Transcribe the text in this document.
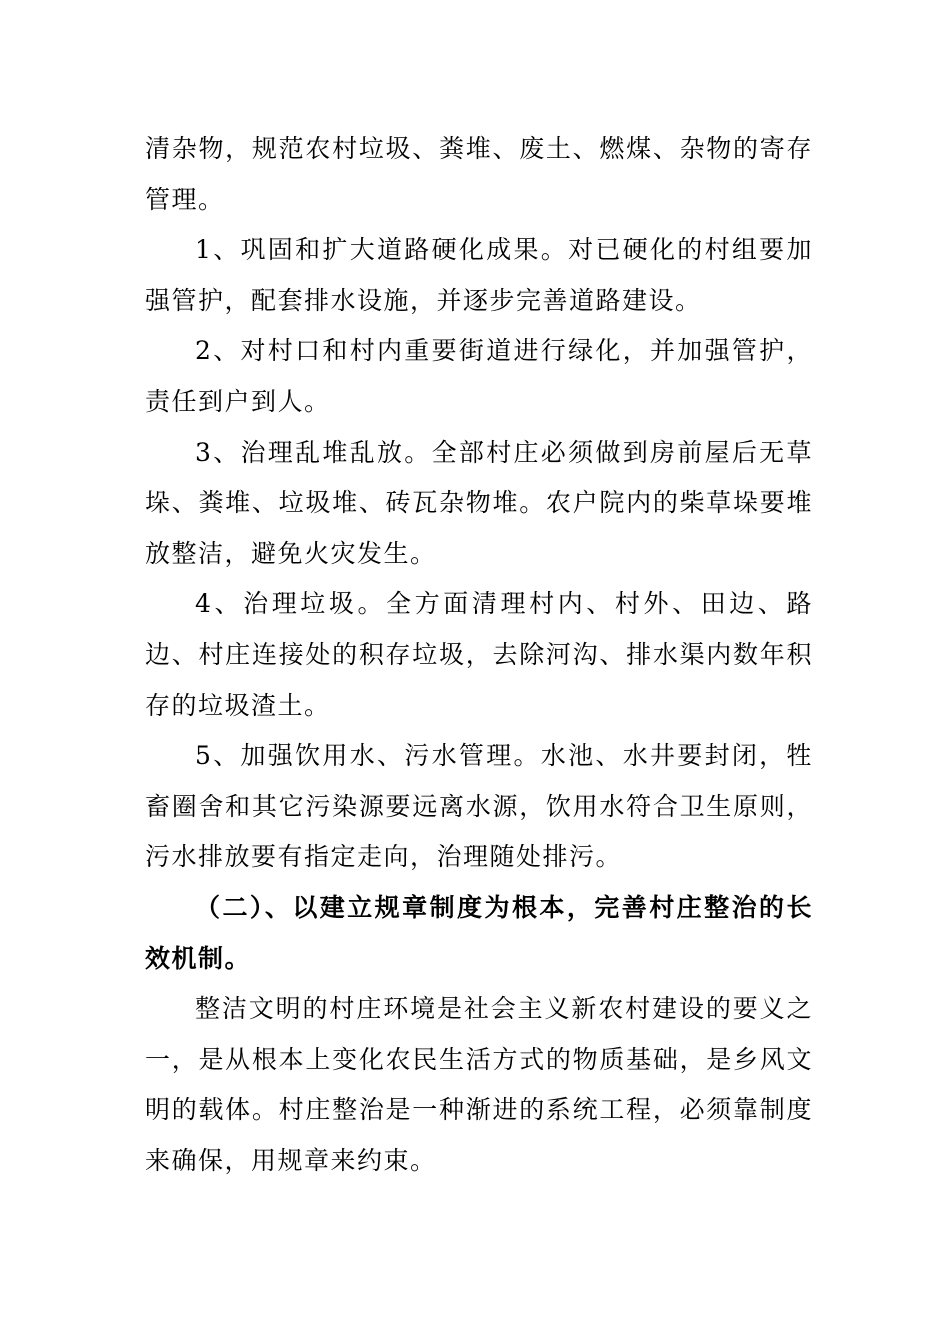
清杂物，规范农村垃圾、粪堆、废土、燃煤、杂物的寄存管理。

1、巩固和扩大道路硬化成果。对已硬化的村组要加强管护，配套排水设施，并逐步完善道路建设。

2、对村口和村内重要街道进行绿化，并加强管护，责任到户到人。

3、治理乱堆乱放。全部村庄必须做到房前屋后无草垛、粪堆、垃圾堆、砖瓦杂物堆。农户院内的柴草垛要堆放整洁，避免火灾发生。

4、治理垃圾。全方面清理村内、村外、田边、路边、村庄连接处的积存垃圾，去除河沟、排水渠内数年积存的垃圾渣土。

5、加强饮用水、污水管理。水池、水井要封闭，牲畜圈舍和其它污染源要远离水源，饮用水符合卫生原则，污水排放要有指定走向，治理随处排污。

（二）、以建立规章制度为根本，完善村庄整治的长效机制。

整洁文明的村庄环境是社会主义新农村建设的要义之一，是从根本上变化农民生活方式的物质基础，是乡风文明的载体。村庄整治是一种渐进的系统工程，必须靠制度来确保，用规章来约束。
